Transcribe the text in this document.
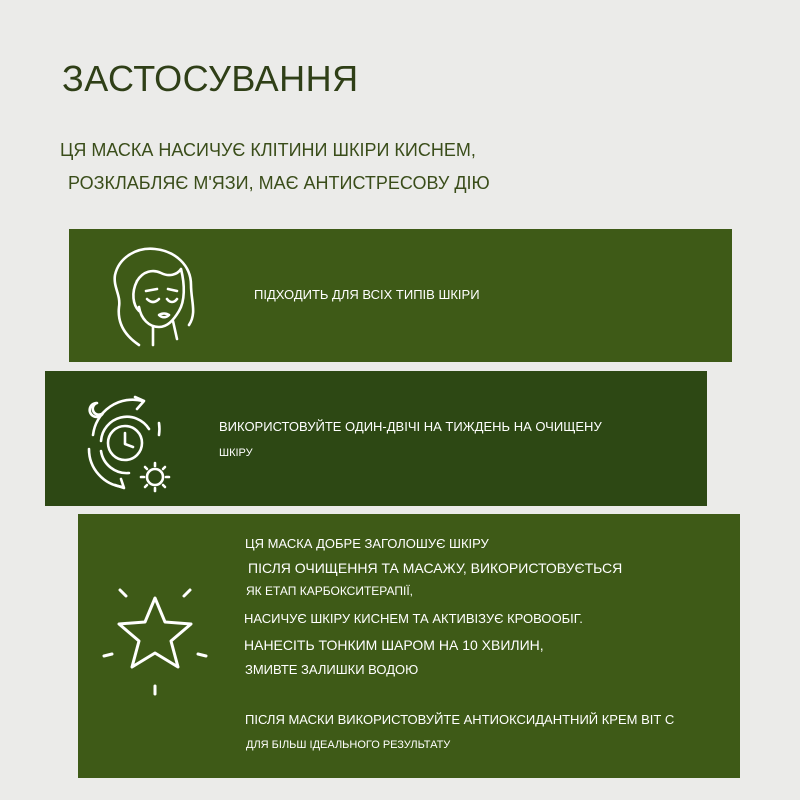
ЗАСТОСУВАННЯ

ЦЯ МАСКА НАСИЧУЄ КЛІТИНИ ШКІРИ КИСНЕМ,

РОЗКЛАБЛЯЄ М'ЯЗИ, МАЄ АНТИСТРЕСОВУ ДІЮ

ПІДХОДИТЬ ДЛЯ ВСІХ ТИПІВ ШКІРИ
ВИКОРИСТОВУЙТЕ ОДИН-ДВІЧІ НА ТИЖДЕНЬ НА ОЧИЩЕНУ
ШКІРУ
ЦЯ МАСКА ДОБРЕ ЗАГОЛОШУЄ ШКІРУ
ПІСЛЯ ОЧИЩЕННЯ ТА МАСАЖУ, ВИКОРИСТОВУЄТЬСЯ
ЯК ЕТАП КАРБОКСИТЕРАПІЇ,
НАСИЧУЄ ШКІРУ КИСНЕМ ТА АКТИВІЗУЄ КРОВООБІГ.
НАНЕСІТЬ ТОНКИМ ШАРОМ НА 10 ХВИЛИН,
ЗМИВТЕ ЗАЛИШКИ ВОДОЮ
ПІСЛЯ МАСКИ ВИКОРИСТОВУЙТЕ АНТИОКСИДАНТНИЙ КРЕМ ВІТ С
ДЛЯ БІЛЬШ ІДЕАЛЬНОГО РЕЗУЛЬТАТУ
